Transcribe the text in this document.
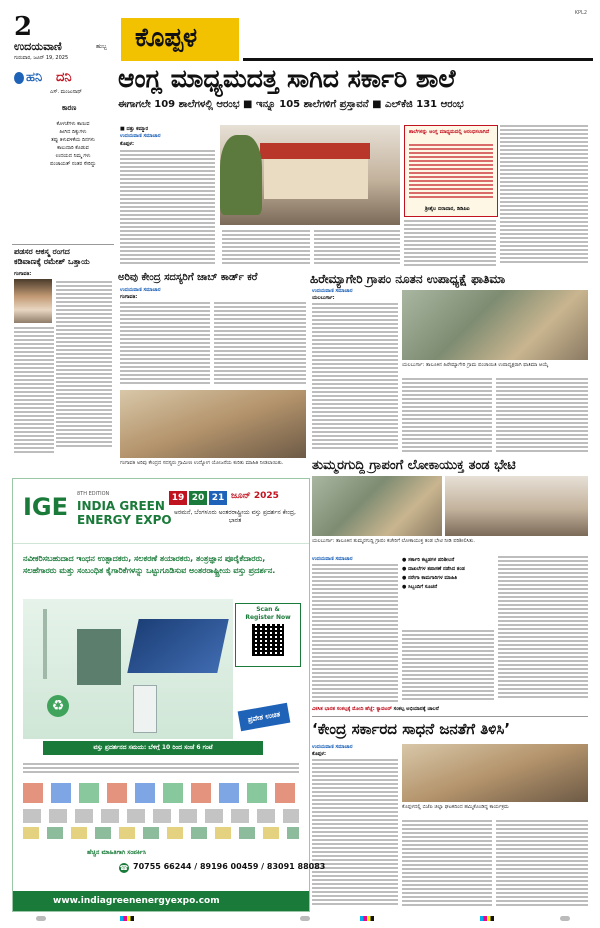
2
ಉದಯವಾಣಿ	ಹುಬ್ಬ
ಗುರುವಾರ, ಜೂನ್ 19, 2025
ಕೊಪ್ಪಳ
KPL2
ಹನಿ ದನಿ
ಎಸ್. ಮಂಜುನಾಥ್
ಕಾರಣ
ಕೊಳಚೆಗಳು ಕಾಣುವ
ಹೀಗಿದ ದಿಕ್ಕುಗಳು
ತಪ್ಪು ತಿಳುವಳಿಕೆಯ ದಿನಗಳು
ಕಾಲುದಾರಿ ಕೊಡುವ
ಉದಯದ ನಿಮ್ಮ ಗಳು
ಪಂಚಾಯತ್ ನಂತರ ಸೇರಿದ್ದು
ಪಡಸರ ಆಕಸ್ಮ ರಂಗದ
ಕಡಿವಾಣಕ್ಕೆ ರಮೇಶ್ ಒತ್ತಾಯ
ಗಂಗಾವತಿ:
ಆಂಗ್ಲ ಮಾಧ್ಯಮದತ್ತ ಸಾಗಿದ ಸರ್ಕಾರಿ ಶಾಲೆ
ಈಗಾಗಲೇ 109 ಶಾಲೆಗಳಲ್ಲಿ ಆರಂಭ ■ ಇನ್ನೂ 105 ಶಾಲೆಗಳಿಗೆ ಪ್ರಸ್ತಾವನೆ ■ ಎಲ್‌ಕೆಜಿ 131 ಆರಂಭ
■ ದತ್ತು ಕಮ್ಮಾರ
ಉದಯವಾಣಿ ಸಮಾಚಾರ
ಕೊಪ್ಪಳ:
ಶಾಲೆಗಳನ್ನು ಆಂಗ್ಲ ಮಾಧ್ಯಮದಲ್ಲಿ ಆರಂಭಿಸಲಾಗಿದೆ
ಶ್ರೀಶೈಲ ಬಿರಾದಾರ, ಡಿಡಿಪಿಐ
ಅರಿವು ಕೇಂದ್ರ ಸದಸ್ಯರಿಗೆ ಜಾಬ್ ಕಾರ್ಡ್‌ ಕರೆ
ಉದಯವಾಣಿ ಸಮಾಚಾರ
ಗಂಗಾವತಿ:
ಗಂಗಾವತಿ ಅರಿವು ಕೇಂದ್ರದ ಸದಸ್ಯರು ಗ್ರಾಮೀಣ ಉದ್ಯೋಗ ಯೋಜನೆಯ ಕುರಿತು ಮಾಹಿತಿ ನೀಡಲಾಯಿತು.
ಹಿರೇಮ್ಯಾಗೇರಿ ಗ್ರಾಪಂ ನೂತನ ಉಪಾಧ್ಯಕ್ಷೆ ಫಾತಿಮಾ
ಉದಯವಾಣಿ ಸಮಾಚಾರ
ಯಲಬುರ್ಗಾ:
ಯಲಬುರ್ಗಾ: ತಾಲೂಕಿನ ಹಿರೇಮ್ಯಾಗೇರಿ ಗ್ರಾಮ ಪಂಚಾಯಿತಿ ಉಪಾಧ್ಯಕ್ಷರಾಗಿ ಫಾತಿಮಾ ಆಯ್ಕೆ
ತುಮ್ಮರಗುದ್ದಿ ಗ್ರಾಪಂಗೆ ಲೋಕಾಯುಕ್ತ ತಂಡ ಭೇಟಿ
ಯಲಬುರ್ಗಾ: ತಾಲೂಕಿನ ತುಮ್ಮರಗುದ್ದಿ ಗ್ರಾಪಂ ಕಚೇರಿಗೆ ಲೋಕಾಯುಕ್ತ ತಂಡ ಭೇಟಿ ನೀಡಿ ಪರಿಶೀಲಿಸಿತು.
ಉದಯವಾಣಿ ಸಮಾಚಾರ	● ಸರ್ಕಾರಿ ಕಟ್ಟಡಗಳ ಪರಿಶೀಲನೆ
● ದಾಖಲೆಗಳ ತಪಾಸಣೆ ನಡೆಸಿದ ತಂಡ
● ನರೇಗಾ ಕಾಮಗಾರಿಗಳ ಮಾಹಿತಿ
● ಸಿಬ್ಬಂದಿಗೆ ಸೂಚನೆ
ವಿಕಸಿತ ಭಾರತ ಸಂಕಲ್ಪಕ್ಕೆ ಮೋದಿ ಹೆಜ್ಜೆ: ಕ್ಯಾವಟರ್ ಸಂಕಲ್ಪ ಅಭಿಯಾನಕ್ಕೆ ಚಾಲನೆ
‘ಕೇಂದ್ರ ಸರ್ಕಾರದ ಸಾಧನೆ ಜನತೆಗೆ ತಿಳಿಸಿ’
ಉದಯವಾಣಿ ಸಮಾಚಾರ
ಕೊಪ್ಪಳ:
ಕೊಪ್ಪಳದಲ್ಲಿ ಬಿಜೆಪಿ ಜಿಲ್ಲಾ ಘಟಕದಿಂದ ಹಮ್ಮಿಕೊಂಡಿದ್ದ ಕಾರ್ಯಕ್ರಮ
IGE 8TH EDITION
INDIA GREEN
ENERGY EXPO
19 20 21 ಜೂನ್ 2025
ಅರಮನೆ, ಬೆಂಗಳೂರು ಅಂತರರಾಷ್ಟ್ರೀಯ ವಸ್ತು ಪ್ರದರ್ಶನ ಕೇಂದ್ರ, ಭಾರತ
ನವೀಕರಿಸಬಹುದಾದ ಇಂಧನ ಉತ್ಪಾದಕರು, ಸಲಕರಣೆ ತಯಾರಕರು, ತಂತ್ರಜ್ಞಾನ ಪೂರೈಕೆದಾರರು, ಸಲಹೆಗಾರರು ಮತ್ತು ಸಂಬಂಧಿತ ಕೈಗಾರಿಕೆಗಳನ್ನು ಒಟ್ಟುಗೂಡಿಸುವ ಅಂತರರಾಷ್ಟ್ರೀಯ ವಸ್ತು ಪ್ರದರ್ಶನ.
♻
Scan &
Register Now
ಪ್ರವೇಶ ಉಚಿತ
ವಸ್ತು ಪ್ರದರ್ಶನದ ಸಮಯ: ಬೆಳಿಗ್ಗೆ 10 ರಿಂದ ಸಂಜೆ 6 ಗಂಟೆ
ಹೆಚ್ಚಿನ ಮಾಹಿತಿಗಾಗಿ ಸಂಪರ್ಕಿಸಿ
☎ 70755 66244 / 89196 00459 / 83091 88083
www.indiagreenenergyexpo.com
